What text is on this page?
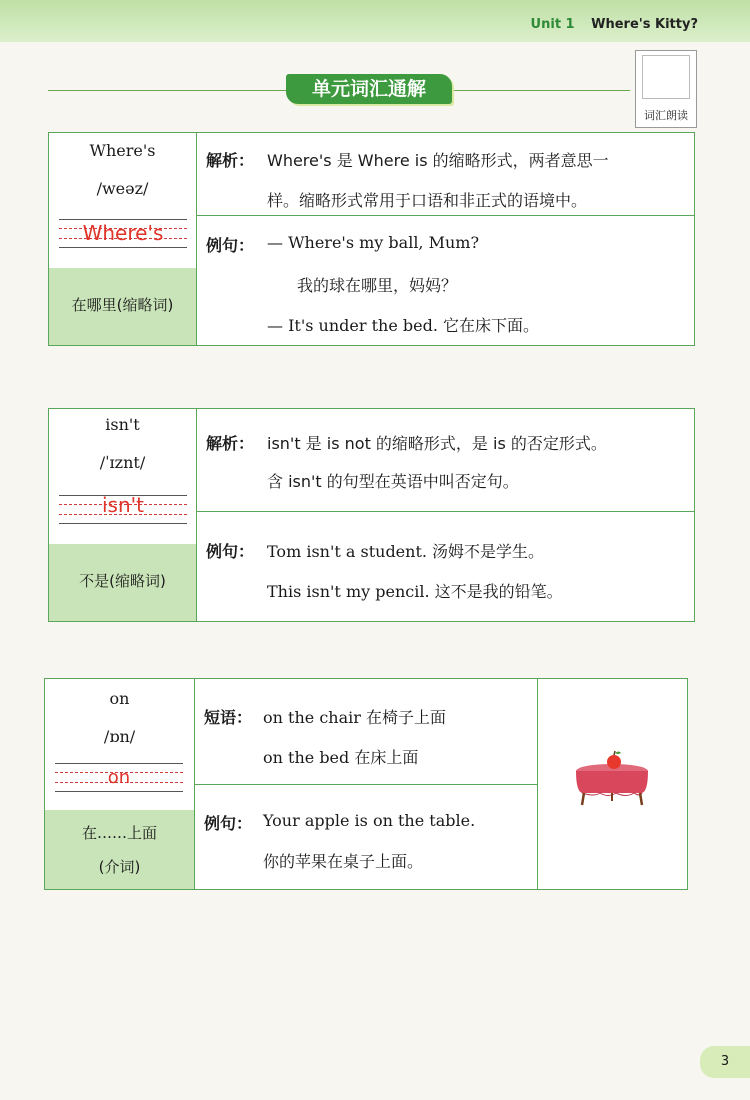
Unit 1 Where's Kitty?
词汇朗读
单元词汇通解
Where's
/weəz/
Where's
在哪里(缩略词)
解析： Where's 是 Where is 的缩略形式，两者意思一
样。缩略形式常用于口语和非正式的语境中。
例句： — Where's my ball, Mum?
我的球在哪里，妈妈？
— It's under the bed. 它在床下面。
isn't
/ˈɪznt/
isn't
不是(缩略词)
解析： isn't 是 is not 的缩略形式，是 is 的否定形式。
含 isn't 的句型在英语中叫否定句。
例句： Tom isn't a student. 汤姆不是学生。
This isn't my pencil. 这不是我的铅笔。
on
/ɒn/
on
在……上面
(介词)
短语： on the chair 在椅子上面
on the bed 在床上面
例句： Your apple is on the table.
你的苹果在桌子上面。
3
